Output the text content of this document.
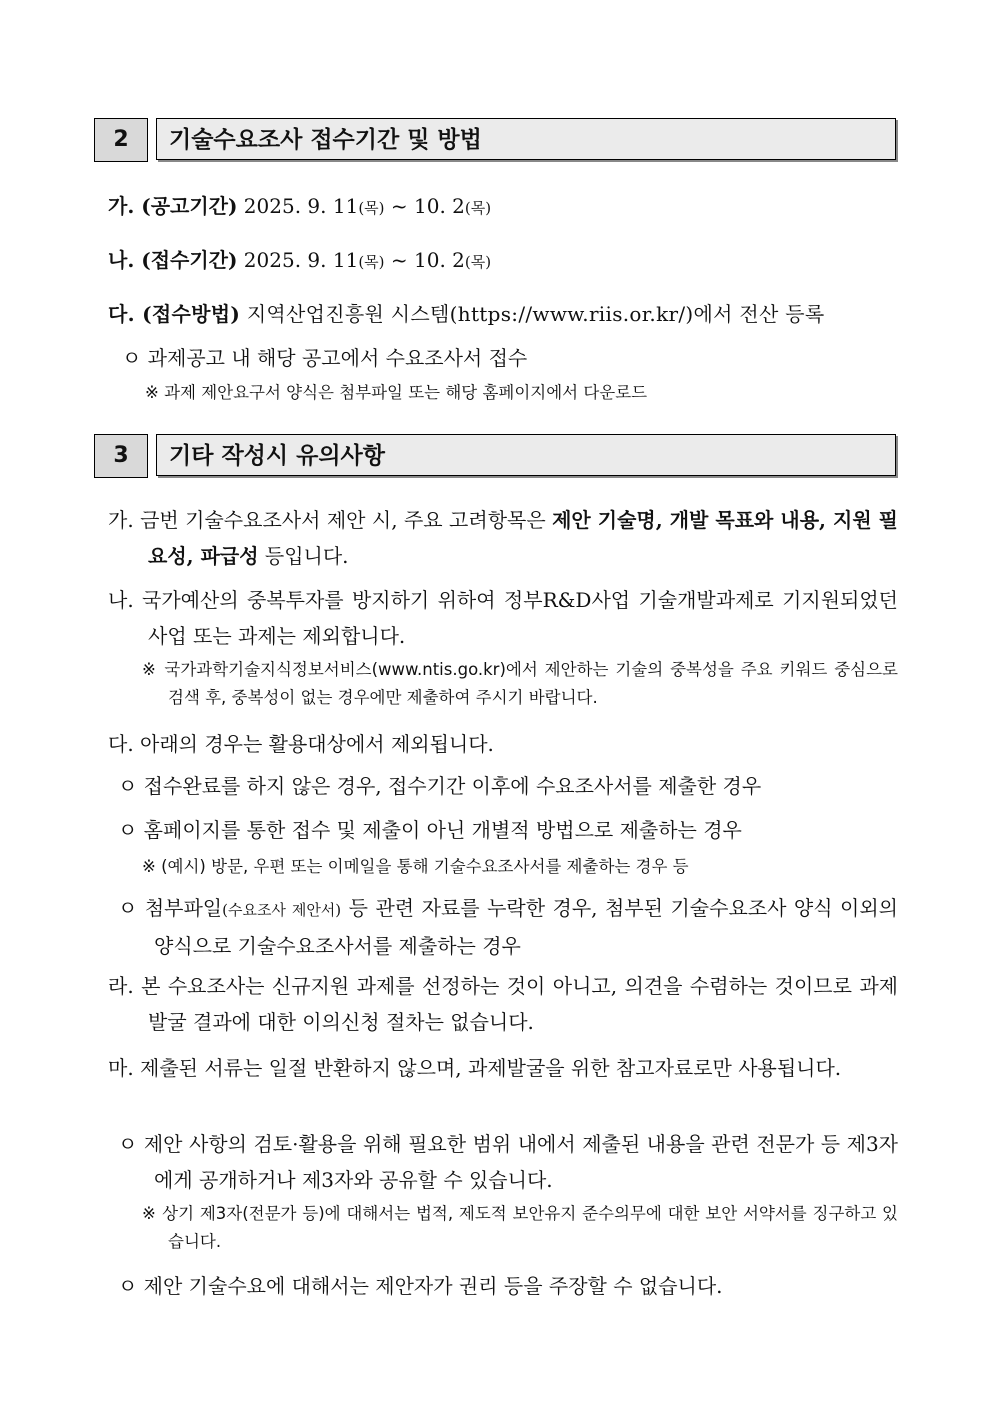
2	기술수요조사 접수기간 및 방법
가. (공고기간) 2025. 9. 11(목) ~ 10. 2(목)
나. (접수기간) 2025. 9. 11(목) ~ 10. 2(목)
다. (접수방법) 지역산업진흥원 시스템(https://www.riis.or.kr/)에서 전산 등록
ㅇ 과제공고 내 해당 공고에서 수요조사서 접수
※ 과제 제안요구서 양식은 첨부파일 또는 해당 홈페이지에서 다운로드
3	기타 작성시 유의사항
가. 금번 기술수요조사서 제안 시, 주요 고려항목은 제안 기술명, 개발 목표와 내용, 지원 필요성, 파급성 등입니다.
나. 국가예산의 중복투자를 방지하기 위하여 정부R&D사업 기술개발과제로 기지원되었던 사업 또는 과제는 제외합니다.
※ 국가과학기술지식정보서비스(www.ntis.go.kr)에서 제안하는 기술의 중복성을 주요 키워드 중심으로 검색 후, 중복성이 없는 경우에만 제출하여 주시기 바랍니다.
다. 아래의 경우는 활용대상에서 제외됩니다.
ㅇ 접수완료를 하지 않은 경우, 접수기간 이후에 수요조사서를 제출한 경우
ㅇ 홈페이지를 통한 접수 및 제출이 아닌 개별적 방법으로 제출하는 경우
※ (예시) 방문, 우편 또는 이메일을 통해 기술수요조사서를 제출하는 경우 등
ㅇ 첨부파일(수요조사 제안서) 등 관련 자료를 누락한 경우, 첨부된 기술수요조사 양식 이외의 양식으로 기술수요조사서를 제출하는 경우
라. 본 수요조사는 신규지원 과제를 선정하는 것이 아니고, 의견을 수렴하는 것이므로 과제 발굴 결과에 대한 이의신청 절차는 없습니다.
마. 제출된 서류는 일절 반환하지 않으며, 과제발굴을 위한 참고자료로만 사용됩니다.
ㅇ 제안 사항의 검토·활용을 위해 필요한 범위 내에서 제출된 내용을 관련 전문가 등 제3자에게 공개하거나 제3자와 공유할 수 있습니다.
※ 상기 제3자(전문가 등)에 대해서는 법적, 제도적 보안유지 준수의무에 대한 보안 서약서를 징구하고 있습니다.
ㅇ 제안 기술수요에 대해서는 제안자가 권리 등을 주장할 수 없습니다.
